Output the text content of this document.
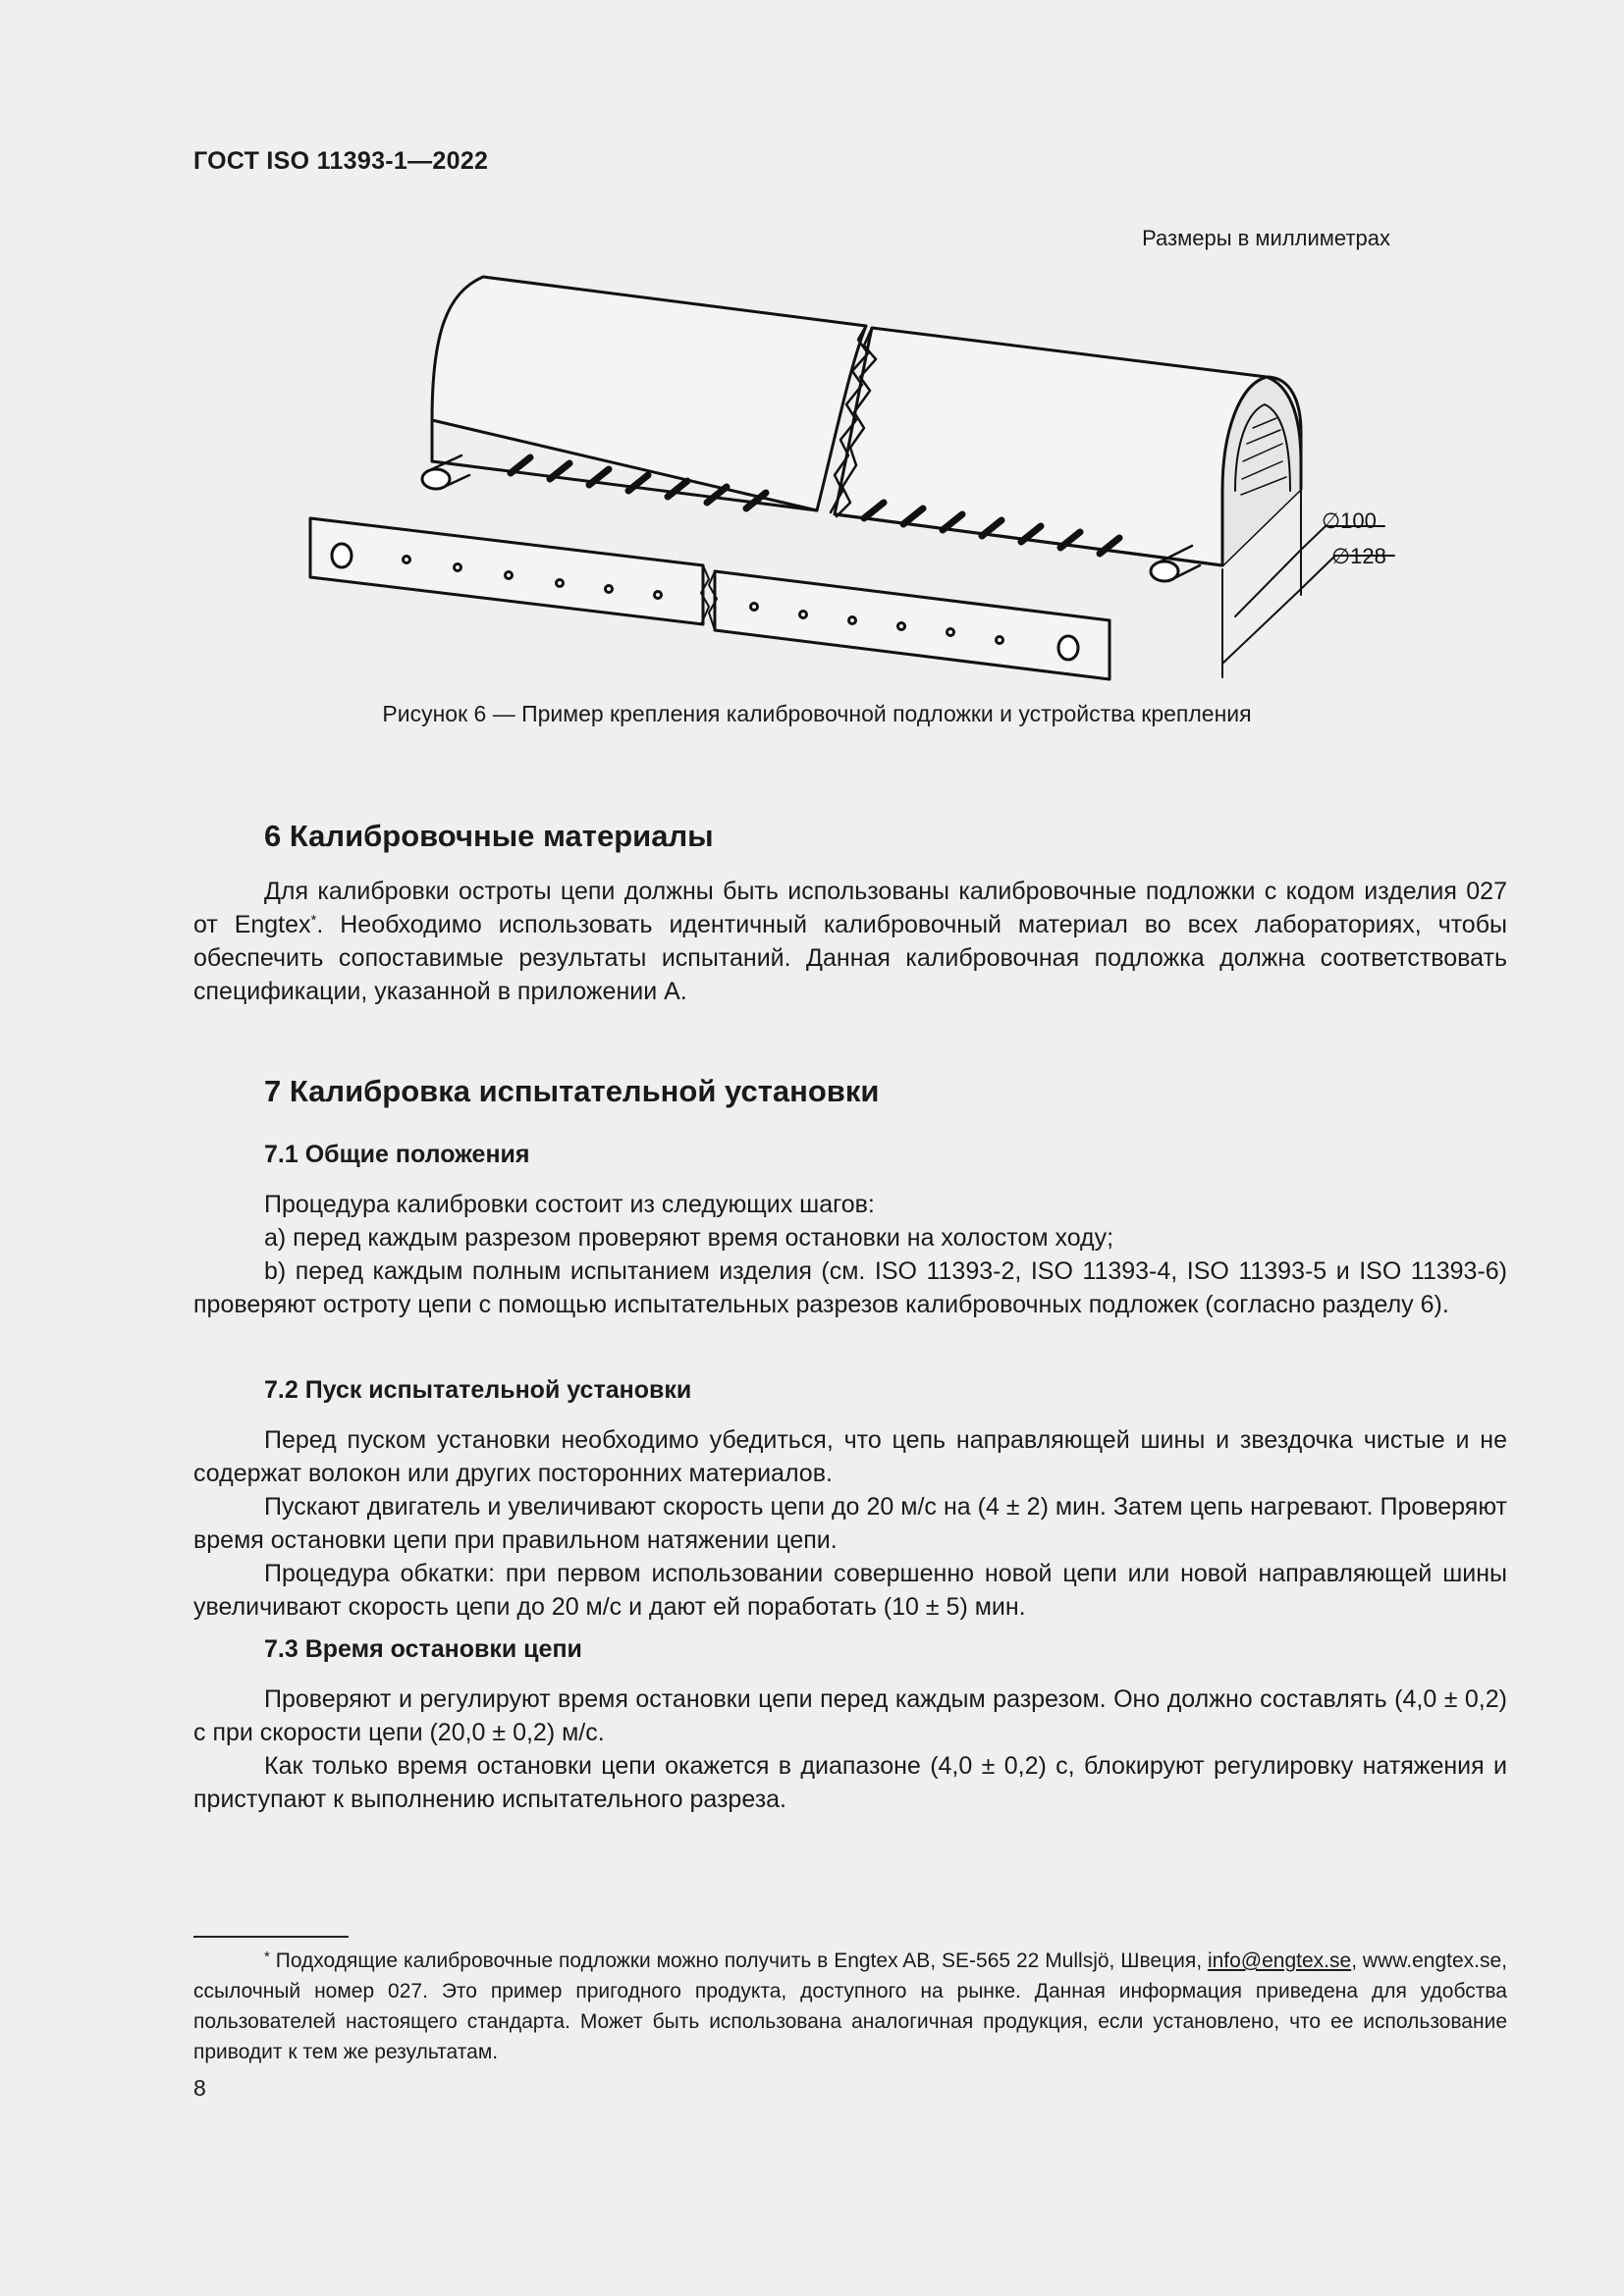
ГОСТ ISO 11393-1—2022
Размеры в миллиметрах
∅100
∅128
Рисунок 6 — Пример крепления калибровочной подложки и устройства крепления
6 Калибровочные материалы

Для калибровки остроты цепи должны быть использованы калибровочные подложки с кодом изделия 027 от Engtex*. Необходимо использовать идентичный калибровочный материал во всех лабораториях, чтобы обеспечить сопоставимые результаты испытаний. Данная калибровочная подложка должна соответствовать спецификации, указанной в приложении А.

7 Калибровка испытательной установки
7.1 Общие положения

Процедура калибровки состоит из следующих шагов:

a) перед каждым разрезом проверяют время остановки на холостом ходу;

b) перед каждым полным испытанием изделия (см. ISO 11393-2, ISO 11393-4, ISO 11393-5 и ISO 11393-6) проверяют остроту цепи с помощью испытательных разрезов калибровочных подложек (согласно разделу 6).

7.2 Пуск испытательной установки

Перед пуском установки необходимо убедиться, что цепь направляющей шины и звездочка чистые и не содержат волокон или других посторонних материалов.

Пускают двигатель и увеличивают скорость цепи до 20 м/с на (4 ± 2) мин. Затем цепь нагревают. Проверяют время остановки цепи при правильном натяжении цепи.

Процедура обкатки: при первом использовании совершенно новой цепи или новой направляющей шины увеличивают скорость цепи до 20 м/с и дают ей поработать (10 ± 5) мин.

7.3 Время остановки цепи

Проверяют и регулируют время остановки цепи перед каждым разрезом. Оно должно составлять (4,0 ± 0,2) с при скорости цепи (20,0 ± 0,2) м/с.

Как только время остановки цепи окажется в диапазоне (4,0 ± 0,2) с, блокируют регулировку натяжения и приступают к выполнению испытательного разреза.

* Подходящие калибровочные подложки можно получить в Engtex AB, SE-565 22 Mullsjö, Швеция, info@engtex.se, www.engtex.se, ссылочный номер 027. Это пример пригодного продукта, доступного на рынке. Данная информация приведена для удобства пользователей настоящего стандарта. Может быть использована аналогичная продукция, если установлено, что ее использование приводит к тем же результатам.

8
